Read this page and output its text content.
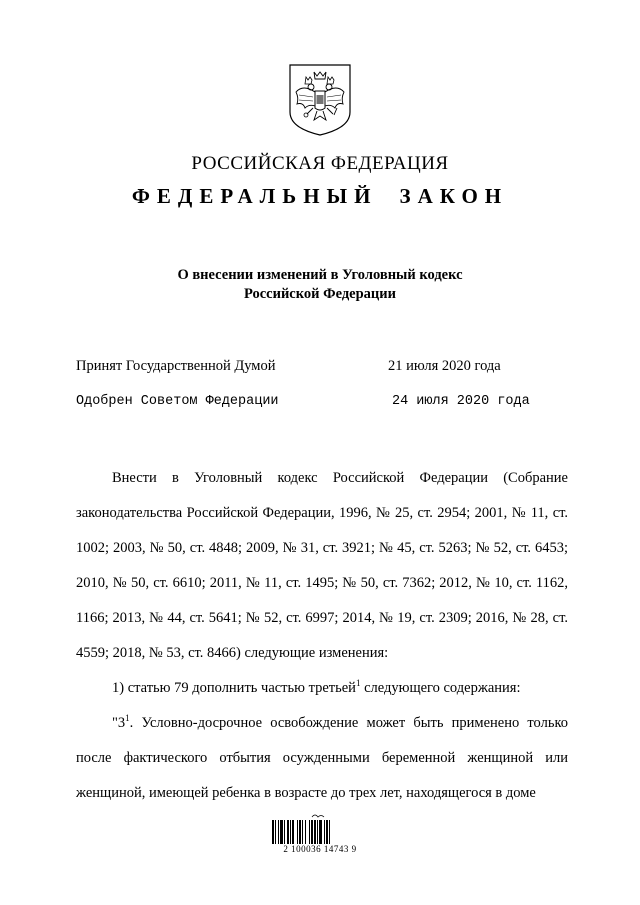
РОССИЙСКАЯ ФЕДЕРАЦИЯ
ФЕДЕРАЛЬНЫЙ ЗАКОН
О внесении изменений в Уголовный кодекс
Российской Федерации
Принят Государственной Думой	21 июля 2020 года
Одобрен Советом Федерации	24 июля 2020 года

Внести в Уголовный кодекс Российской Федерации (Собрание законодательства Российской Федерации, 1996, № 25, ст. 2954; 2001, № 11, ст. 1002; 2003, № 50, ст. 4848; 2009, № 31, ст. 3921; № 45, ст. 5263; № 52, ст. 6453; 2010, № 50, ст. 6610; 2011, № 11, ст. 1495; № 50, ст. 7362; 2012, № 10, ст. 1162, 1166; 2013, № 44, ст. 5641; № 52, ст. 6997; 2014, № 19, ст. 2309; 2016, № 28, ст. 4559; 2018, № 53, ст. 8466) следующие изменения:

1) статью 79 дополнить частью третьей$^1$ следующего содержания:

"$3^1$. Условно-досрочное освобождение может быть применено только после фактического отбытия осужденными беременной женщиной или женщиной, имеющей ребенка в возрасте до трех лет, находящегося в доме

2 100036 14743 9
